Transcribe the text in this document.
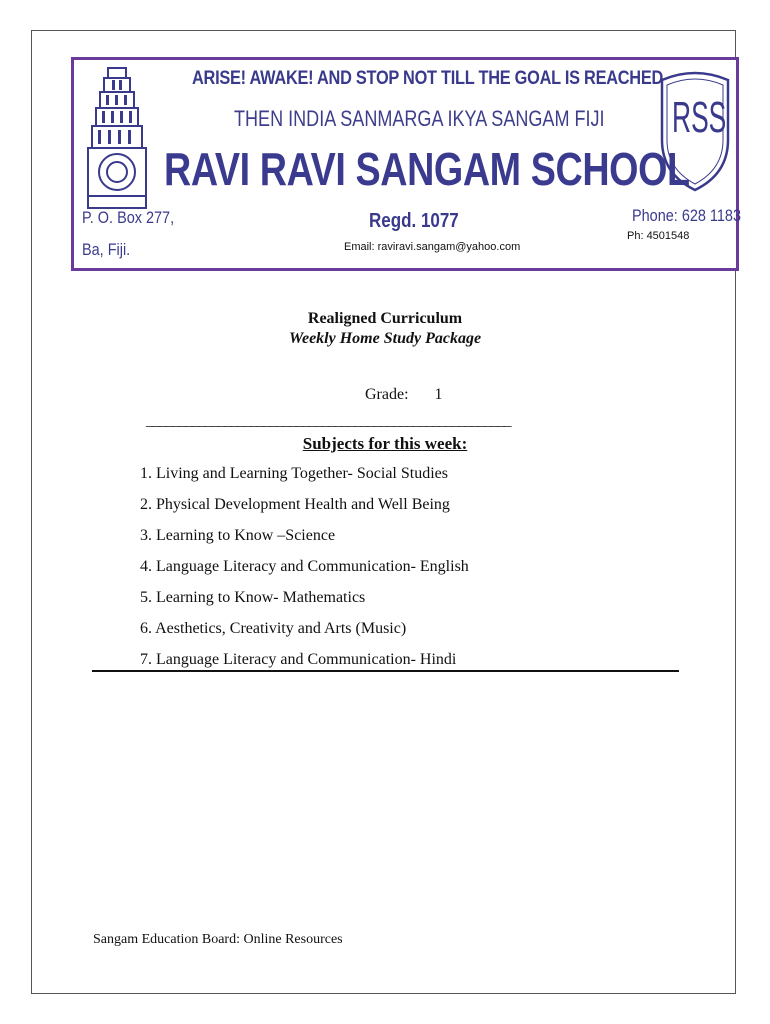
ARISE! AWAKE! AND STOP NOT TILL THE GOAL IS REACHED
THEN INDIA SANMARGA IKYA SANGAM FIJI
RAVI RAVI SANGAM SCHOOL
P. O. Box 277,
Ba, Fiji.
Regd. 1077	Phone: 628 1183
Ph: 4501548
Email: raviravi.sangam@yahoo.com
RSS
Realigned Curriculum
Weekly Home Study Package
Grade: 1
________________________________________________________
Subjects for this week:
1. Living and Learning Together- Social Studies
2. Physical Development Health and Well Being
3. Learning to Know –Science
4. Language Literacy and Communication- English
5. Learning to Know- Mathematics
6. Aesthetics, Creativity and Arts (Music)
7. Language Literacy and Communication- Hindi
Sangam Education Board: Online Resources
